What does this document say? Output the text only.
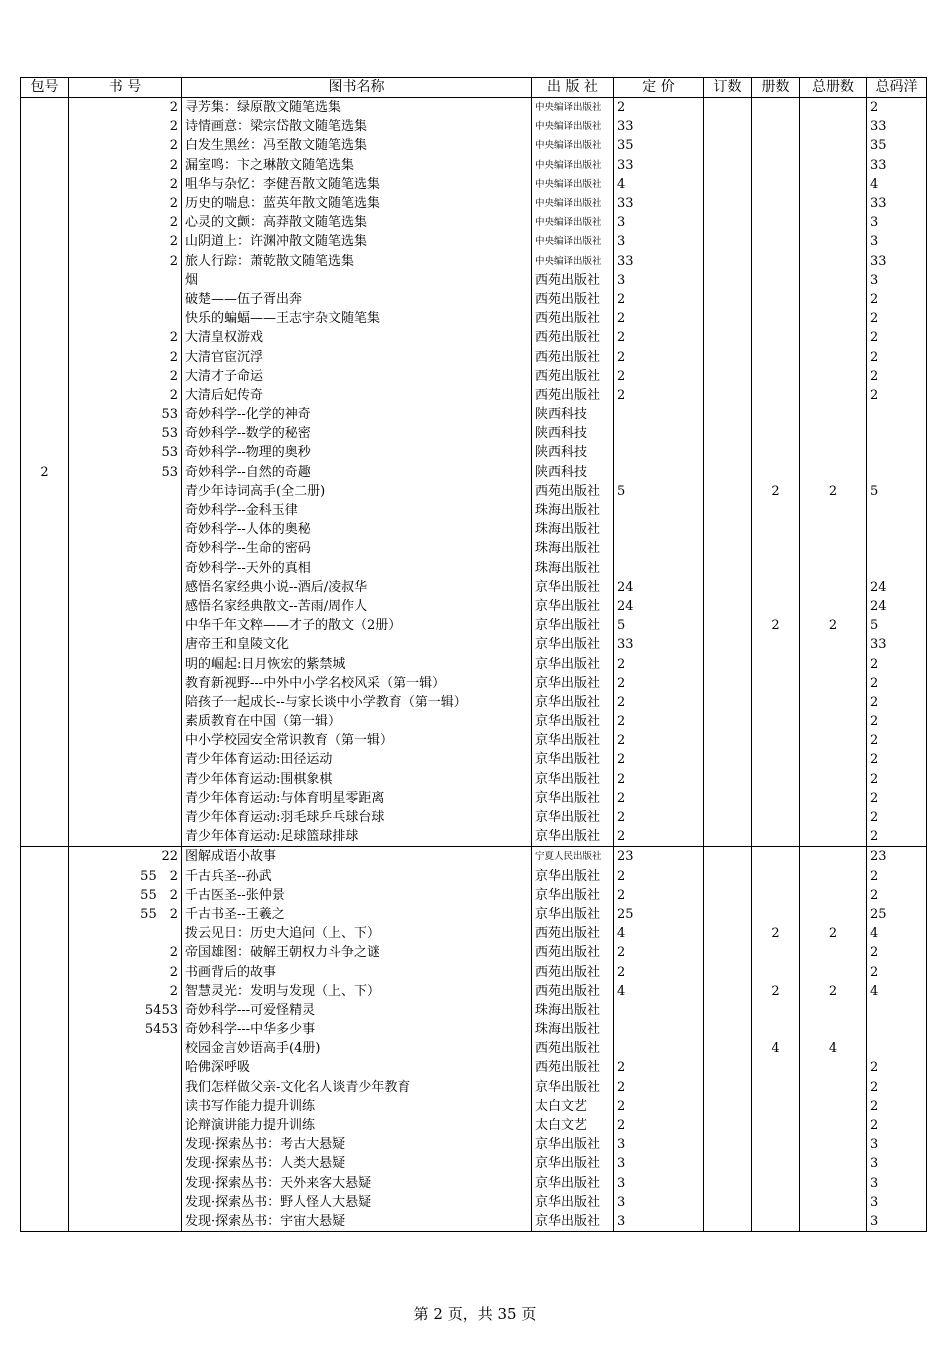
包号	书 号	图书名称	出 版 社	定 价	订数	册数	总册数	总码洋
2	2	寻芳集：绿原散文随笔选集	中央编译出版社	2				2
	2	诗情画意：梁宗岱散文随笔选集	中央编译出版社	33				33
	2	白发生黑丝：冯至散文随笔选集	中央编译出版社	35				35
	2	漏室鸣：卞之琳散文随笔选集	中央编译出版社	33				33
	2	咀华与杂忆：李健吾散文随笔选集	中央编译出版社	4				4
	2	历史的喘息：蓝英年散文随笔选集	中央编译出版社	33				33
	2	心灵的文颤：高莽散文随笔选集	中央编译出版社	3				3
	2	山阴道上：许渊冲散文随笔选集	中央编译出版社	3				3
	2	旅人行踪：萧乾散文随笔选集	中央编译出版社	33				33
		烟	西苑出版社	3				3
		破楚——伍子胥出奔	西苑出版社	2				2
		快乐的蝙蝠——王志宇杂文随笔集	西苑出版社	2				2
	2	大清皇权游戏	西苑出版社	2				2
	2	大清官宦沉浮	西苑出版社	2				2
	2	大清才子命运	西苑出版社	2				2
	2	大清后妃传奇	西苑出版社	2				2
	53	奇妙科学--化学的神奇	陕西科技					
	53	奇妙科学--数学的秘密	陕西科技					
	53	奇妙科学--物理的奥秒	陕西科技					
	53	奇妙科学--自然的奇趣	陕西科技					
		青少年诗词高手(全二册)	西苑出版社	5		2	2	5
		奇妙科学--金科玉律	珠海出版社					
		奇妙科学--人体的奥秘	珠海出版社					
		奇妙科学--生命的密码	珠海出版社					
		奇妙科学--天外的真相	珠海出版社					
		感悟名家经典小说--酒后/凌叔华	京华出版社	24				24
		感悟名家经典散文--苦雨/周作人	京华出版社	24				24
		中华千年文粹——才子的散文（2册）	京华出版社	5		2	2	5
		唐帝王和皇陵文化	京华出版社	33				33
		明的崛起:日月恢宏的紫禁城	京华出版社	2				2
		教育新视野---中外中小学名校风采（第一辑）	京华出版社	2				2
		陪孩子一起成长--与家长谈中小学教育（第一辑）	京华出版社	2				2
		素质教育在中国（第一辑）	京华出版社	2				2
		中小学校园安全常识教育（第一辑）	京华出版社	2				2
		青少年体育运动:田径运动	京华出版社	2				2
		青少年体育运动:围棋象棋	京华出版社	2				2
		青少年体育运动:与体育明星零距离	京华出版社	2				2
		青少年体育运动:羽毛球乒乓球台球	京华出版社	2				2
		青少年体育运动:足球篮球排球	京华出版社	2				2
	22	图解成语小故事	宁夏人民出版社	23				23
	55　2	千古兵圣--孙武	京华出版社	2				2
	55　2	千古医圣--张仲景	京华出版社	2				2
	55　2	千古书圣--王羲之	京华出版社	25				25
		拨云见日：历史大追问（上、下）	西苑出版社	4		2	2	4
	2	帝国雄图：破解王朝权力斗争之谜	西苑出版社	2				2
	2	书画背后的故事	西苑出版社	2				2
	2	智慧灵光：发明与发现（上、下）	西苑出版社	4		2	2	4
	5453	奇妙科学---可爱怪精灵	珠海出版社					
	5453	奇妙科学---中华多少事	珠海出版社					
		校园金言妙语高手(4册)	西苑出版社			4	4	
		哈佛深呼吸	西苑出版社	2				2
		我们怎样做父亲-文化名人谈青少年教育	京华出版社	2				2
		读书写作能力提升训练	太白文艺	2				2
		论辩演讲能力提升训练	太白文艺	2				2
		发现·探索丛书：考古大悬疑	京华出版社	3				3
		发现·探索丛书：人类大悬疑	京华出版社	3				3
		发现·探索丛书：天外来客大悬疑	京华出版社	3				3
		发现·探索丛书：野人怪人大悬疑	京华出版社	3				3
		发现·探索丛书：宇宙大悬疑	京华出版社	3				3
第 2 页，共 35 页
